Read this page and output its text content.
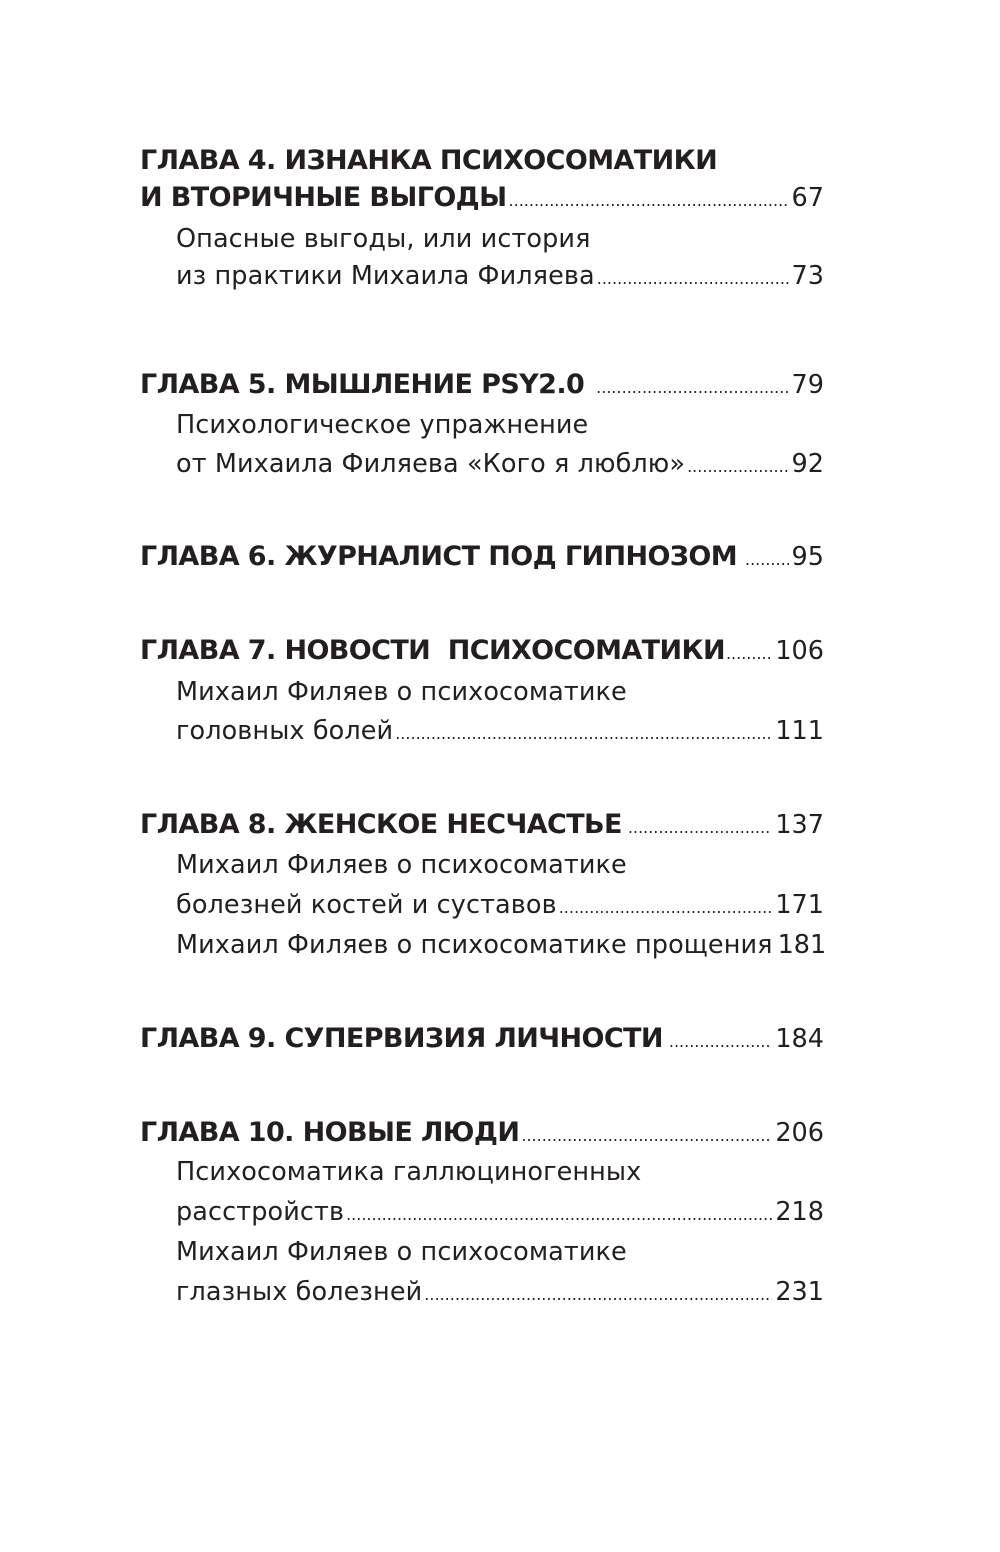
ГЛАВА 4. ИЗНАНКА ПСИХОСОМАТИКИ
И ВТОРИЧНЫЕ ВЫГОДЫ .....	67
Опасные выгоды, или история
из практики Михаила Филяева .....	73
ГЛАВА 5. МЫШЛЕНИЕ PSY2.0 .....	79
Психологическое упражнение
от Михаила Филяева «Кого я люблю» .....	92
ГЛАВА 6. ЖУРНАЛИСТ ПОД ГИПНОЗОМ ..... 95
ГЛАВА 7. НОВОСТИ  ПСИХОСОМАТИКИ ..... 106
Михаил Филяев о психосоматике
головных болей .....	111
ГЛАВА 8. ЖЕНСКОЕ НЕСЧАСТЬЕ .....	137
Михаил Филяев о психосоматике
болезней костей и суставов .....	171
Михаил Филяев о психосоматике прощения 181
ГЛАВА 9. СУПЕРВИЗИЯ ЛИЧНОСТИ .....	184
ГЛАВА 10. НОВЫЕ ЛЮДИ .....	206
Психосоматика галлюциногенных
расстройств .....	218
Михаил Филяев о психосоматике
глазных болезней .....	231
